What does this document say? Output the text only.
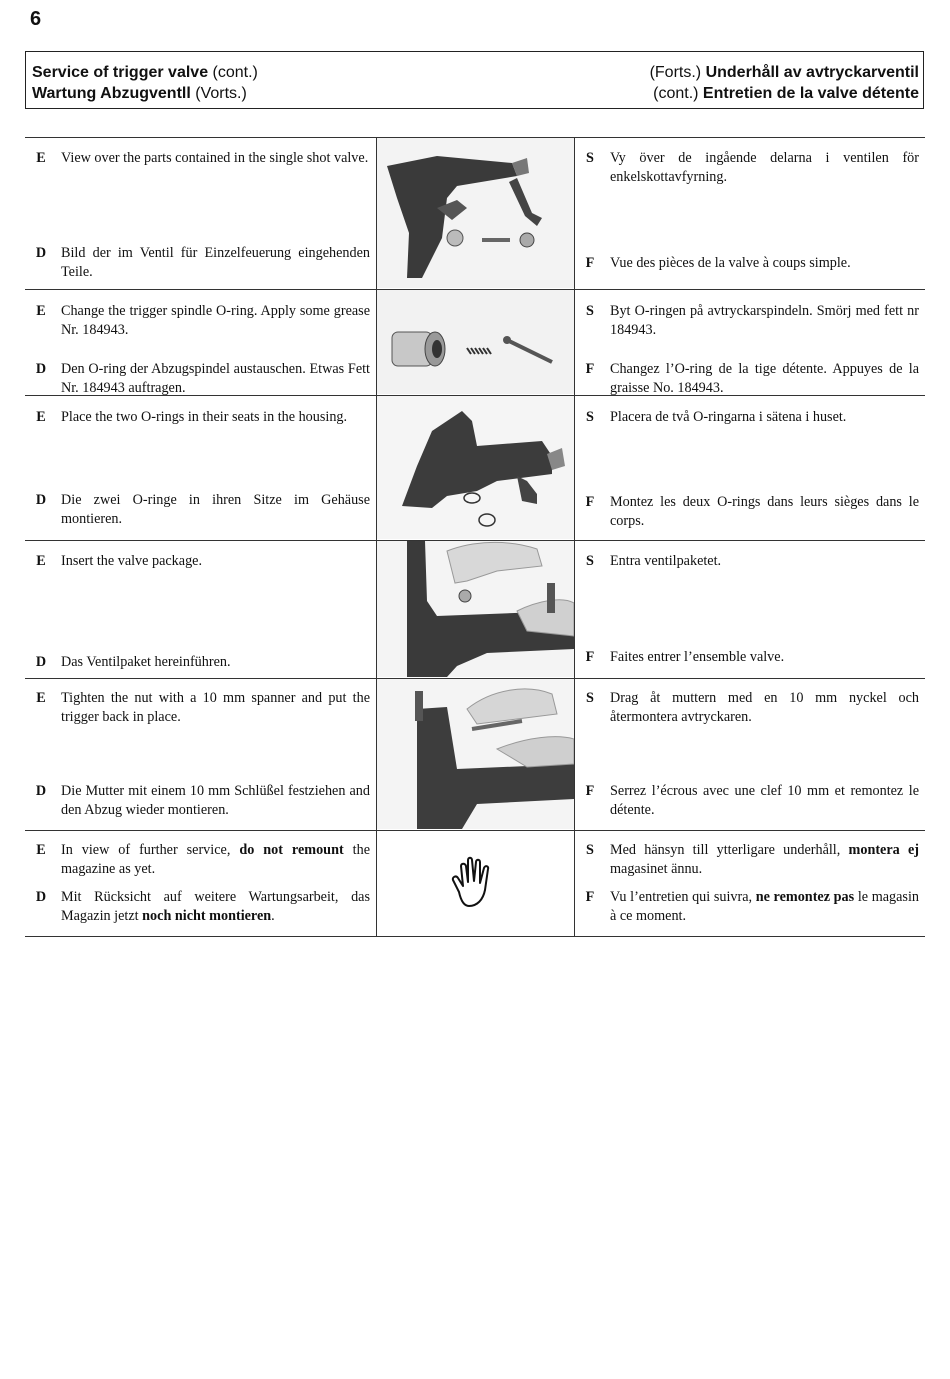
6
Service of trigger valve (cont.)
Wartung Abzugventll (Vorts.)
(Forts.) Underhåll av avtryckarventil
(cont.) Entretien de la valve détente
E	View over the parts contained in the single shot valve.
D	Bild der im Ventil für Einzelfeuerung eingehenden Teile.
S	Vy över de ingående delarna i ventilen för enkelskottavfyrning.
F	Vue des pièces de la valve à coups simple.
E	Change the trigger spindle O-ring. Apply some grease Nr. 184943.
D	Den O-ring der Abzugspindel austauschen. Etwas Fett Nr. 184943 auftragen.
S	Byt O-ringen på avtryckarspindeln. Smörj med fett nr 184943.
F	Changez l’O-ring de la tige détente. Appuyes de la graisse No. 184943.
E	Place the two O-rings in their seats in the housing.
D	Die zwei O-ringe in ihren Sitze im Gehäuse montieren.
S	Placera de två O-ringarna i sätena i huset.
F	Montez les deux O-rings dans leurs sièges dans le corps.
E	Insert the valve package.
D	Das Ventilpaket hereinführen.
S	Entra ventilpaketet.
F	Faites entrer l’ensemble valve.
E	Tighten the nut with a 10 mm spanner and put the trigger back in place.
D	Die Mutter mit einem 10 mm Schlüßel festziehen and den Abzug wieder montieren.
S	Drag åt muttern med en 10 mm nyckel och återmontera avtryckaren.
F	Serrez l’écrous avec une clef 10 mm et remontez le détente.
E	In view of further service, do not remount the magazine as yet.
D	Mit Rücksicht auf weitere Wartungsarbeit, das Magazin jetzt noch nicht montieren.
S	Med hänsyn till ytterligare underhåll, montera ej magasinet ännu.
F	Vu l’entretien qui suivra, ne remontez pas le magasin à ce moment.
